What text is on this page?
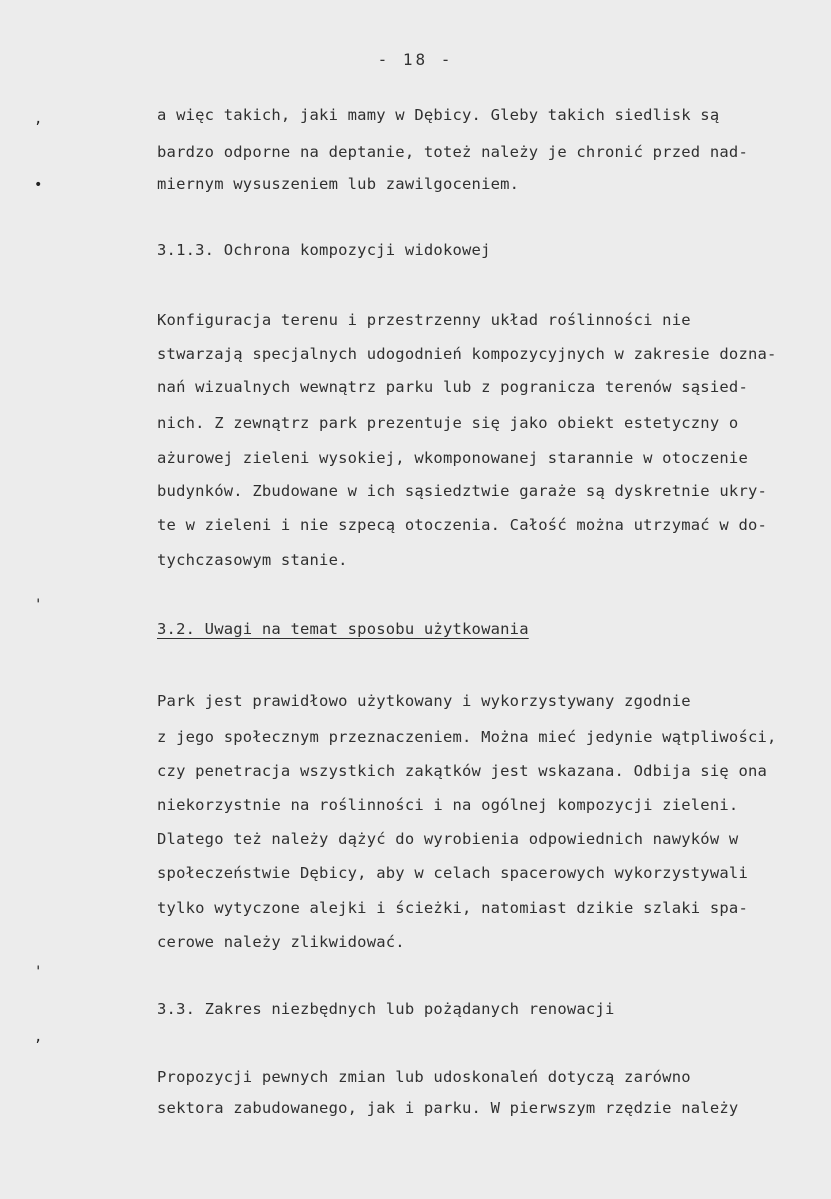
- 18 -
,
•
'
'
,
a więc takich, jaki mamy w Dębicy. Gleby takich siedlisk są
bardzo odporne na deptanie, toteż należy je chronić przed nad-
miernym wysuszeniem lub zawilgoceniem.
3.1.3. Ochrona kompozycji widokowej
Konfiguracja terenu i przestrzenny układ roślinności nie
stwarzają specjalnych udogodnień kompozycyjnych w zakresie dozna-
nań wizualnych wewnątrz parku lub z pogranicza terenów sąsied-
nich. Z zewnątrz park prezentuje się jako obiekt estetyczny o
ażurowej zieleni wysokiej, wkomponowanej starannie w otoczenie
budynków. Zbudowane w ich sąsiedztwie garaże są dyskretnie ukry-
te w zieleni i nie szpecą otoczenia. Całość można utrzymać w do-
tychczasowym stanie.
3.2. Uwagi na temat sposobu użytkowania
Park jest prawidłowo użytkowany i wykorzystywany zgodnie
z jego społecznym przeznaczeniem. Można mieć jedynie wątpliwości,
czy penetracja wszystkich zakątków jest wskazana. Odbija się ona
niekorzystnie na roślinności i na ogólnej kompozycji zieleni.
Dlatego też należy dążyć do wyrobienia odpowiednich nawyków w
społeczeństwie Dębicy, aby w celach spacerowych wykorzystywali
tylko wytyczone alejki i ścieżki, natomiast dzikie szlaki spa-
cerowe należy zlikwidować.
3.3. Zakres niezbędnych lub pożądanych renowacji
Propozycji pewnych zmian lub udoskonaleń dotyczą zarówno
sektora zabudowanego, jak i parku. W pierwszym rzędzie należy
